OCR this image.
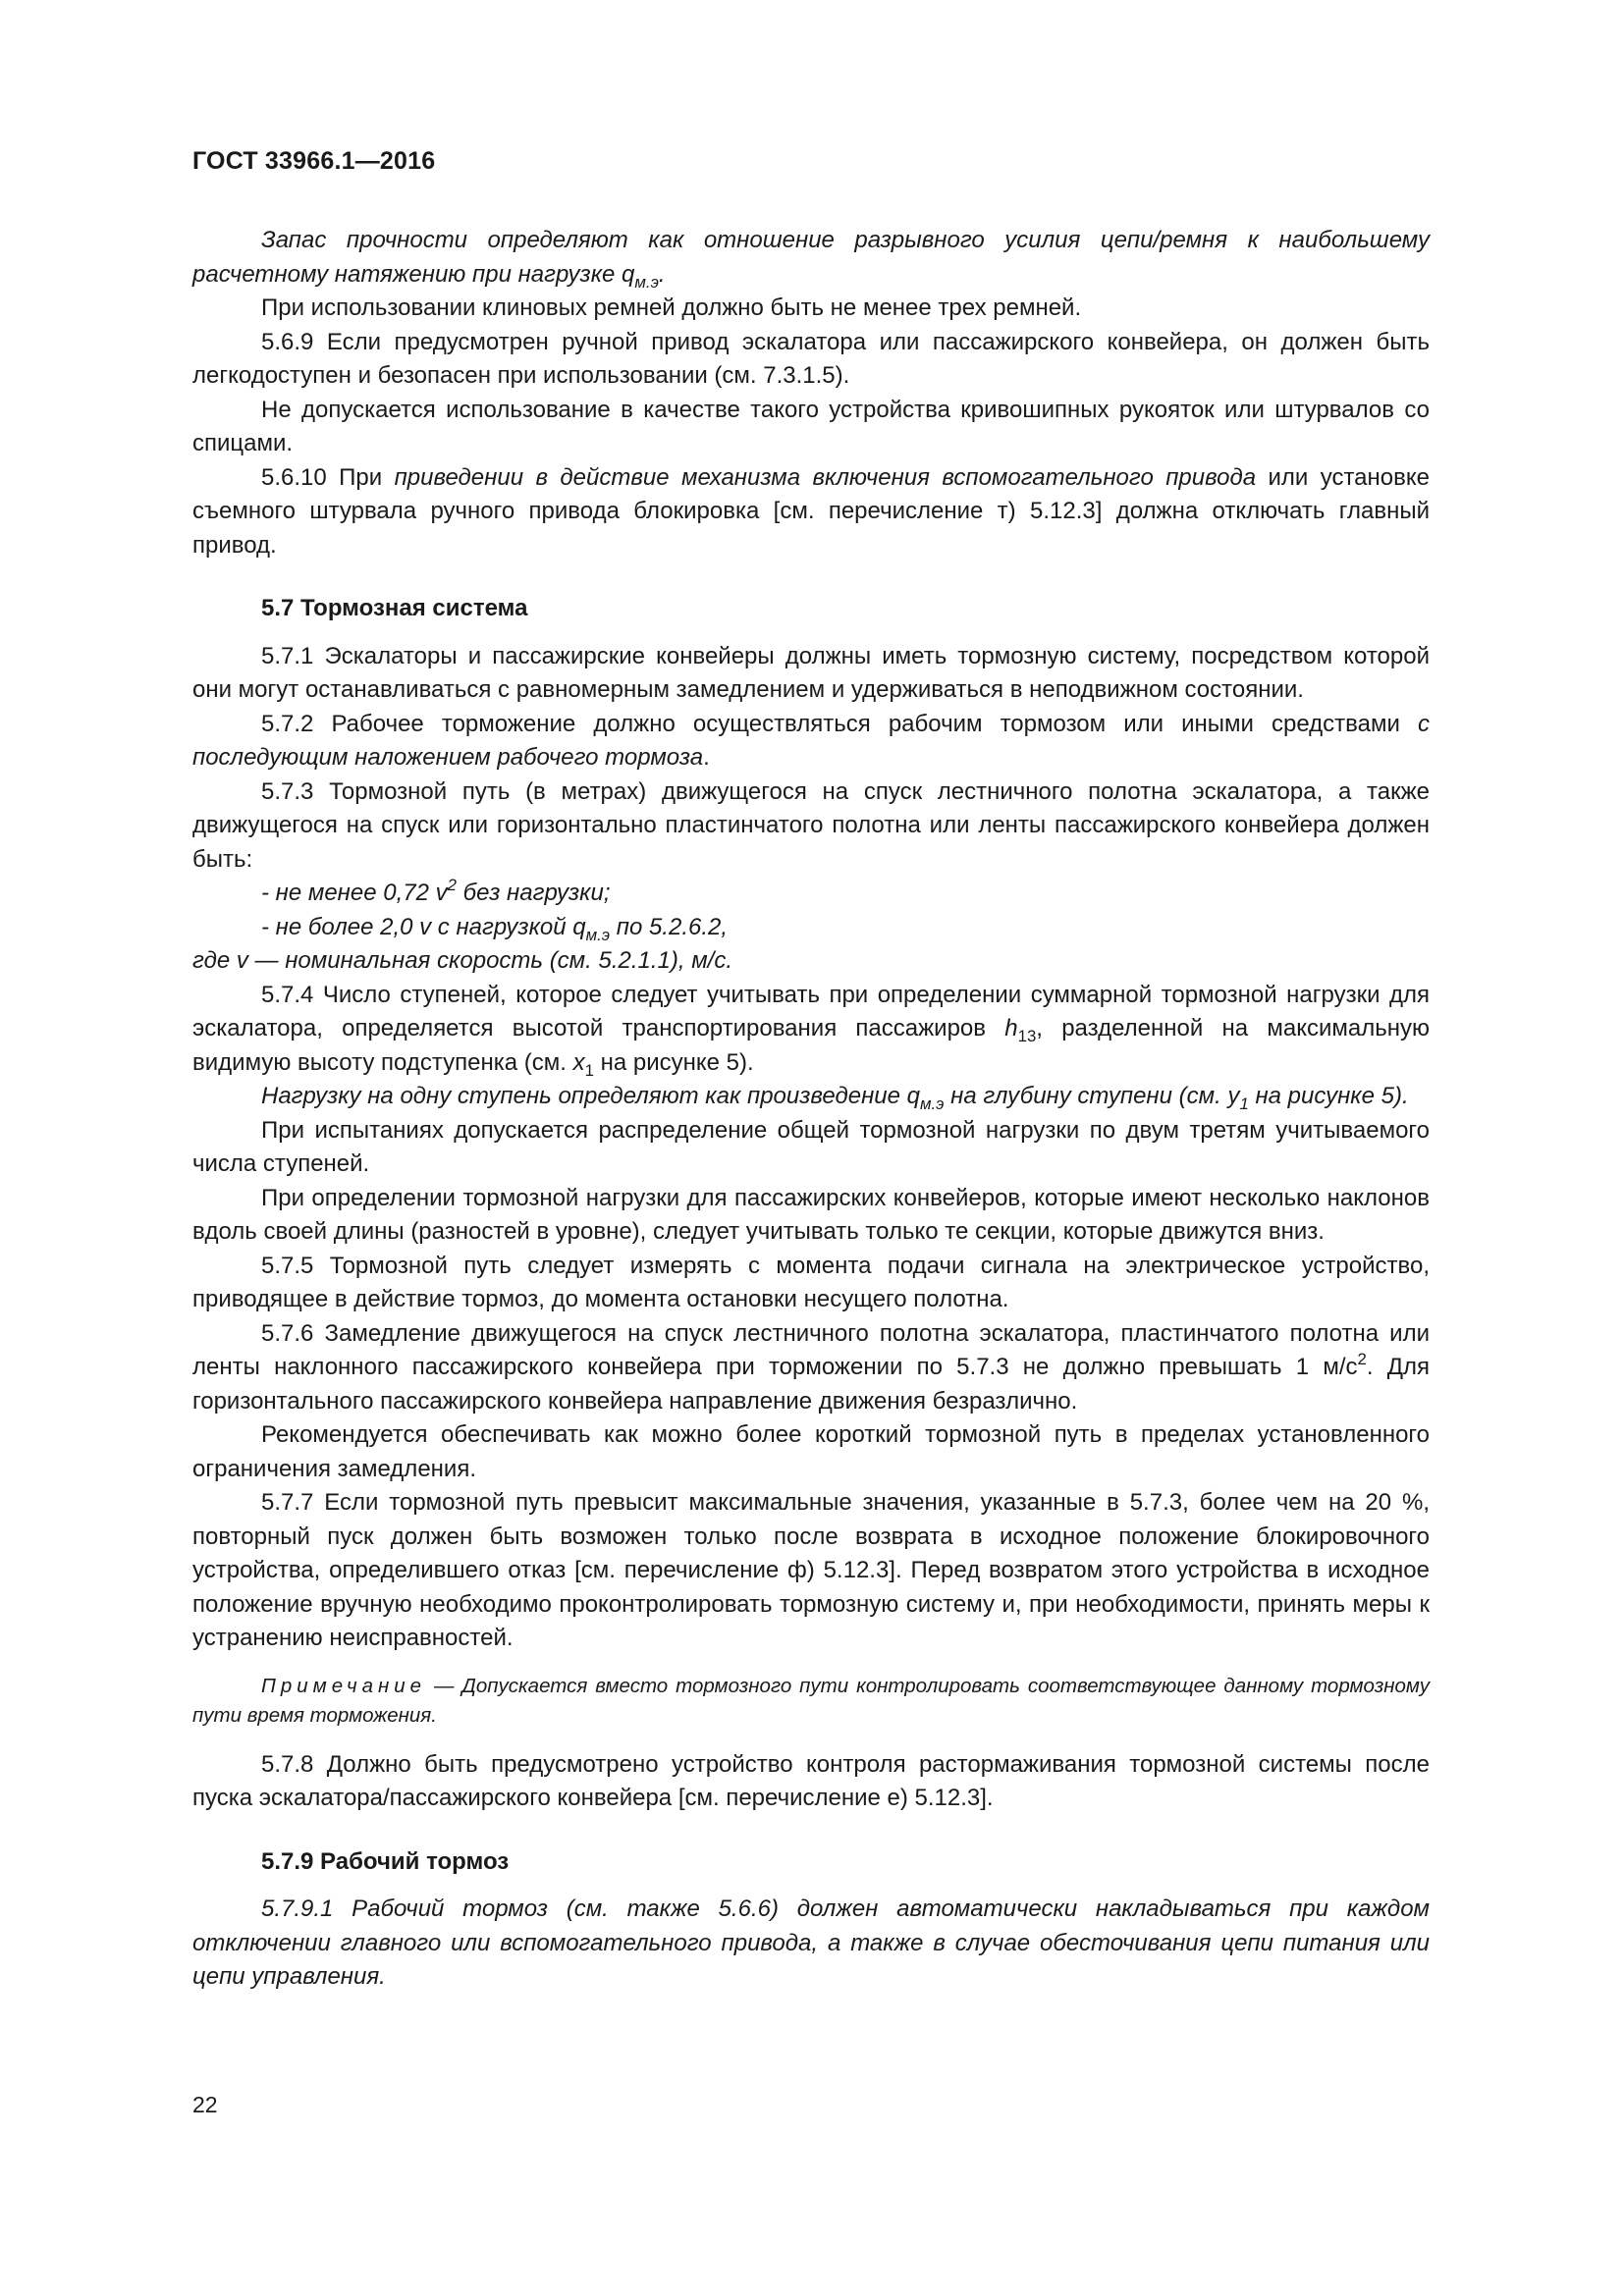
ГОСТ 33966.1—2016

Запас прочности определяют как отношение разрывного усилия цепи/ремня к наибольшему расчетному натяжению при нагрузке $q_{м.э}$.

При использовании клиновых ремней должно быть не менее трех ремней.

5.6.9 Если предусмотрен ручной привод эскалатора или пассажирского конвейера, он должен быть легкодоступен и безопасен при использовании (см. 7.3.1.5).

Не допускается использование в качестве такого устройства кривошипных рукояток или штурвалов со спицами.

5.6.10 При приведении в действие механизма включения вспомогательного привода или установке съемного штурвала ручного привода блокировка [см. перечисление т) 5.12.3] должна отключать главный привод.

5.7 Тормозная система

5.7.1 Эскалаторы и пассажирские конвейеры должны иметь тормозную систему, посредством которой они могут останавливаться с равномерным замедлением и удерживаться в неподвижном состоянии.

5.7.2 Рабочее торможение должно осуществляться рабочим тормозом или иными средствами с последующим наложением рабочего тормоза.

5.7.3 Тормозной путь (в метрах) движущегося на спуск лестничного полотна эскалатора, а также движущегося на спуск или горизонтально пластинчатого полотна или ленты пассажирского конвейера должен быть:

- не менее 0,72 $v^2$ без нагрузки;

- не более 2,0 v с нагрузкой $q_{м.э}$ по 5.2.6.2,

где v — номинальная скорость (см. 5.2.1.1), м/с.

5.7.4 Число ступеней, которое следует учитывать при определении суммарной тормозной нагрузки для эскалатора, определяется высотой транспортирования пассажиров $h_{13}$, разделенной на максимальную видимую высоту подступенка (см. $x_1$ на рисунке 5).

Нагрузку на одну ступень определяют как произведение $q_{м.э}$ на глубину ступени (см. $y_1$ на рисунке 5).

При испытаниях допускается распределение общей тормозной нагрузки по двум третям учитываемого числа ступеней.

При определении тормозной нагрузки для пассажирских конвейеров, которые имеют несколько наклонов вдоль своей длины (разностей в уровне), следует учитывать только те секции, которые движутся вниз.

5.7.5 Тормозной путь следует измерять с момента подачи сигнала на электрическое устройство, приводящее в действие тормоз, до момента остановки несущего полотна.

5.7.6 Замедление движущегося на спуск лестничного полотна эскалатора, пластинчатого полотна или ленты наклонного пассажирского конвейера при торможении по 5.7.3 не должно превышать 1 $м/с^2$. Для горизонтального пассажирского конвейера направление движения безразлично.

Рекомендуется обеспечивать как можно более короткий тормозной путь в пределах установленного ограничения замедления.

5.7.7 Если тормозной путь превысит максимальные значения, указанные в 5.7.3, более чем на 20 %, повторный пуск должен быть возможен только после возврата в исходное положение блокировочного устройства, определившего отказ [см. перечисление ф) 5.12.3]. Перед возвратом этого устройства в исходное положение вручную необходимо проконтролировать тормозную систему и, при необходимости, принять меры к устранению неисправностей.

Примечание — Допускается вместо тормозного пути контролировать соответствующее данному тормозному пути время торможения.

5.7.8 Должно быть предусмотрено устройство контроля растормаживания тормозной системы после пуска эскалатора/пассажирского конвейера [см. перечисление е) 5.12.3].

5.7.9 Рабочий тормоз

5.7.9.1 Рабочий тормоз (см. также 5.6.6) должен автоматически накладываться при каждом отключении главного или вспомогательного привода, а также в случае обесточивания цепи питания или цепи управления.

22
